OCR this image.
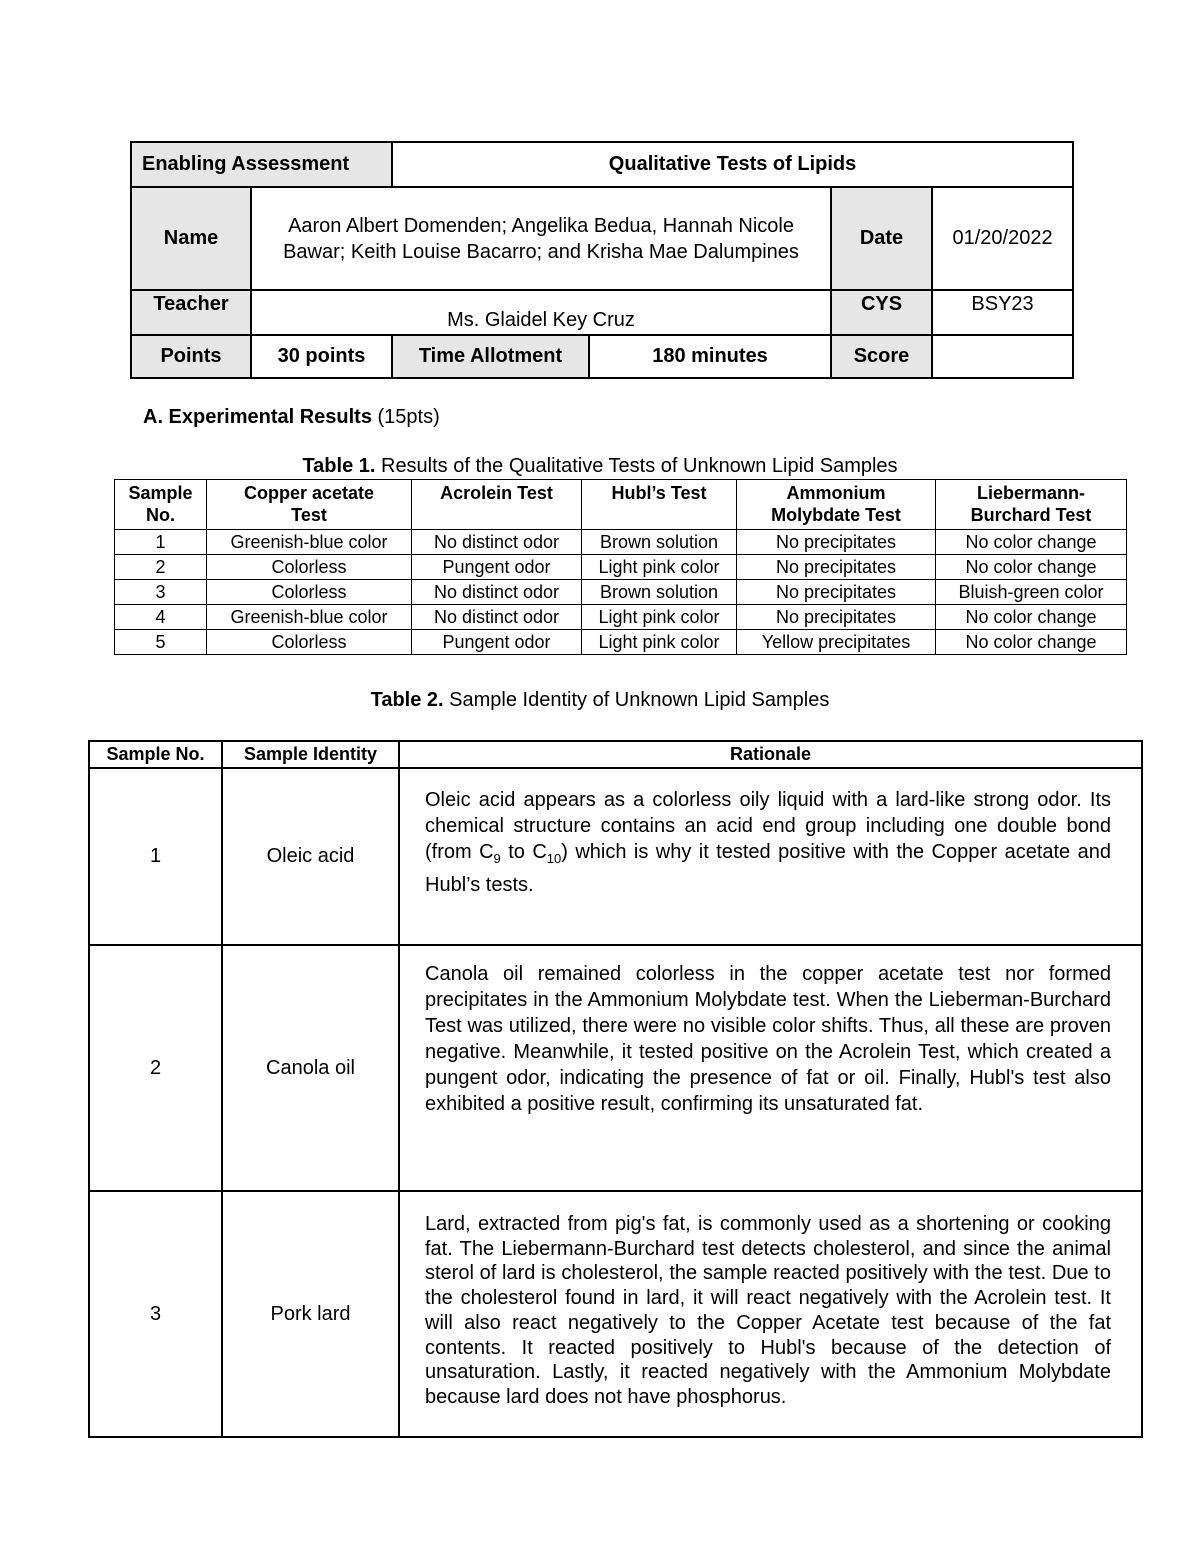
Enabling Assessment		Qualitative Tests of Lipids			
Name	Aaron Albert Domenden; Angelika Bedua, Hannah Nicole Bawar; Keith Louise Bacarro; and Krisha Mae Dalumpines			Date	01/20/2022
Teacher	Ms. Glaidel Key Cruz			CYS	BSY23
Points	30 points	Time Allotment	180 minutes	Score	
A. Experimental Results (15pts)
Table 1. Results of the Qualitative Tests of Unknown Lipid Samples
Sample No.	Copper acetate Test	Acrolein Test	Hubl’s Test	Ammonium Molybdate Test	Liebermann-Burchard Test
1	Greenish-blue color	No distinct odor	Brown solution	No precipitates	No color change
2	Colorless	Pungent odor	Light pink color	No precipitates	No color change
3	Colorless	No distinct odor	Brown solution	No precipitates	Bluish-green color
4	Greenish-blue color	No distinct odor	Light pink color	No precipitates	No color change
5	Colorless	Pungent odor	Light pink color	Yellow precipitates	No color change
Table 2. Sample Identity of Unknown Lipid Samples
Sample No.	Sample Identity	Rationale
1	Oleic acid	Oleic acid appears as a colorless oily liquid with a lard-like strong odor. Its chemical structure contains an acid end group including one double bond (from $C_9$ to $C_{10}$) which is why it tested positive with the Copper acetate and Hubl’s tests.
2	Canola oil	Canola oil remained colorless in the copper acetate test nor formed precipitates in the Ammonium Molybdate test. When the Lieberman-Burchard Test was utilized, there were no visible color shifts. Thus, all these are proven negative. Meanwhile, it tested positive on the Acrolein Test, which created a pungent odor, indicating the presence of fat or oil. Finally, Hubl's test also exhibited a positive result, confirming its unsaturated fat.
3	Pork lard	Lard, extracted from pig's fat, is commonly used as a shortening or cooking fat. The Liebermann-Burchard test detects cholesterol, and since the animal sterol of lard is cholesterol, the sample reacted positively with the test. Due to the cholesterol found in lard, it will react negatively with the Acrolein test. It will also react negatively to the Copper Acetate test because of the fat contents. It reacted positively to Hubl's because of the detection of unsaturation. Lastly, it reacted negatively with the Ammonium Molybdate because lard does not have phosphorus.
